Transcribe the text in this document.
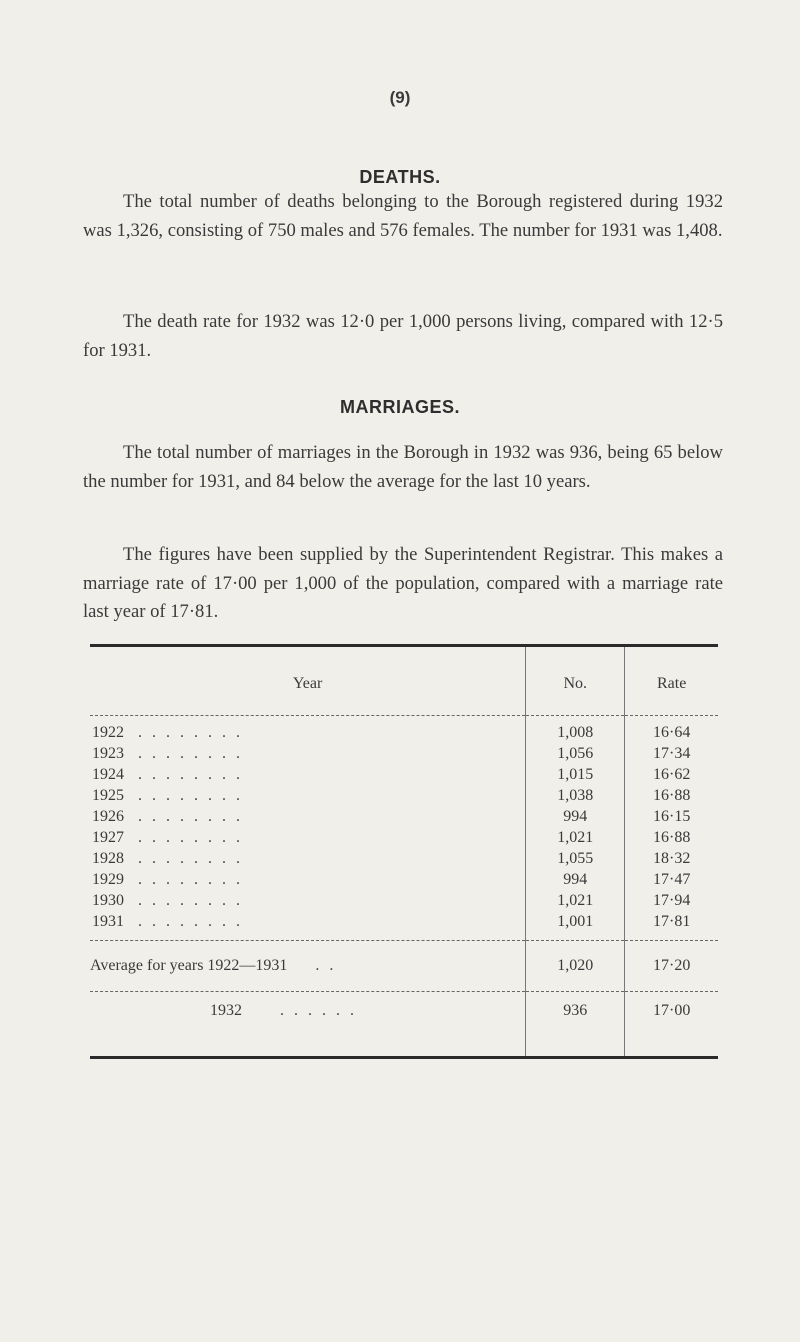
(9)
DEATHS.
The total number of deaths belonging to the Borough registered during 1932 was 1,326, consisting of 750 males and 576 females. The number for 1931 was 1,408.
The death rate for 1932 was 12·0 per 1,000 persons living, compared with 12·5 for 1931.
MARRIAGES.
The total number of marriages in the Borough in 1932 was 936, being 65 below the number for 1931, and 84 below the average for the last 10 years.
The figures have been supplied by the Superintendent Registrar. This makes a marriage rate of 17·00 per 1,000 of the population, compared with a marriage rate last year of 17·81.
Year	No.	Rate

1922 ........	1,008	16·64
1923 ........	1,056	17·34
1924 ........	1,015	16·62
1925 ........	1,038	16·88
1926 ........	994	16·15
1927 ........	1,021	16·88
1928 ........	1,055	18·32
1929 ........	994	17·47
1930 ........	1,021	17·94
1931 ........	1,001	17·81
Average for years 1922—1931 ..	1,020	17·20
1932 ......	936	17·00
